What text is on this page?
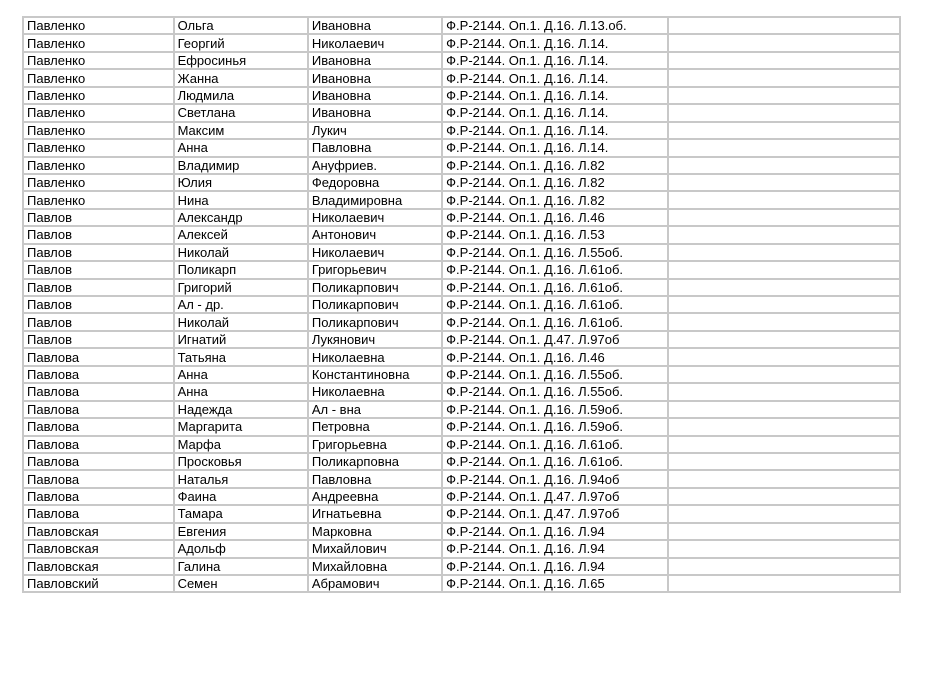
Павленко	Ольга	Ивановна	Ф.Р-2144. Оп.1. Д.16. Л.13.об.	
Павленко	Георгий	Николаевич	Ф.Р-2144. Оп.1. Д.16. Л.14.	
Павленко	Ефросинья	Ивановна	Ф.Р-2144. Оп.1. Д.16. Л.14.	
Павленко	Жанна	Ивановна	Ф.Р-2144. Оп.1. Д.16. Л.14.	
Павленко	Людмила	Ивановна	Ф.Р-2144. Оп.1. Д.16. Л.14.	
Павленко	Светлана	Ивановна	Ф.Р-2144. Оп.1. Д.16. Л.14.	
Павленко	Максим	Лукич	Ф.Р-2144. Оп.1. Д.16. Л.14.	
Павленко	Анна	Павловна	Ф.Р-2144. Оп.1. Д.16. Л.14.	
Павленко	Владимир	Ануфриев.	Ф.Р-2144. Оп.1. Д.16. Л.82	
Павленко	Юлия	Федоровна	Ф.Р-2144. Оп.1. Д.16. Л.82	
Павленко	Нина	Владимировна	Ф.Р-2144. Оп.1. Д.16. Л.82	
Павлов	Александр	Николаевич	Ф.Р-2144. Оп.1. Д.16. Л.46	
Павлов	Алексей	Антонович	Ф.Р-2144. Оп.1. Д.16. Л.53	
Павлов	Николай	Николаевич	Ф.Р-2144. Оп.1. Д.16. Л.55об.	
Павлов	Поликарп	Григорьевич	Ф.Р-2144. Оп.1. Д.16. Л.61об.	
Павлов	Григорий	Поликарпович	Ф.Р-2144. Оп.1. Д.16. Л.61об.	
Павлов	Ал - др.	Поликарпович	Ф.Р-2144. Оп.1. Д.16. Л.61об.	
Павлов	Николай	Поликарпович	Ф.Р-2144. Оп.1. Д.16. Л.61об.	
Павлов	Игнатий	Лукянович	Ф.Р-2144. Оп.1. Д.47. Л.97об	
Павлова	Татьяна	Николаевна	Ф.Р-2144. Оп.1. Д.16. Л.46	
Павлова	Анна	Константиновна	Ф.Р-2144. Оп.1. Д.16. Л.55об.	
Павлова	Анна	Николаевна	Ф.Р-2144. Оп.1. Д.16. Л.55об.	
Павлова	Надежда	Ал - вна	Ф.Р-2144. Оп.1. Д.16. Л.59об.	
Павлова	Маргарита	Петровна	Ф.Р-2144. Оп.1. Д.16. Л.59об.	
Павлова	Марфа	Григорьевна	Ф.Р-2144. Оп.1. Д.16. Л.61об.	
Павлова	Просковья	Поликарповна	Ф.Р-2144. Оп.1. Д.16. Л.61об.	
Павлова	Наталья	Павловна	Ф.Р-2144. Оп.1. Д.16. Л.94об	
Павлова	Фаина	Андреевна	Ф.Р-2144. Оп.1. Д.47. Л.97об	
Павлова	Тамара	Игнатьевна	Ф.Р-2144. Оп.1. Д.47. Л.97об	
Павловская	Евгения	Марковна	Ф.Р-2144. Оп.1. Д.16. Л.94	
Павловская	Адольф	Михайлович	Ф.Р-2144. Оп.1. Д.16. Л.94	
Павловская	Галина	Михайловна	Ф.Р-2144. Оп.1. Д.16. Л.94	
Павловский	Семен	Абрамович	Ф.Р-2144. Оп.1. Д.16. Л.65	
